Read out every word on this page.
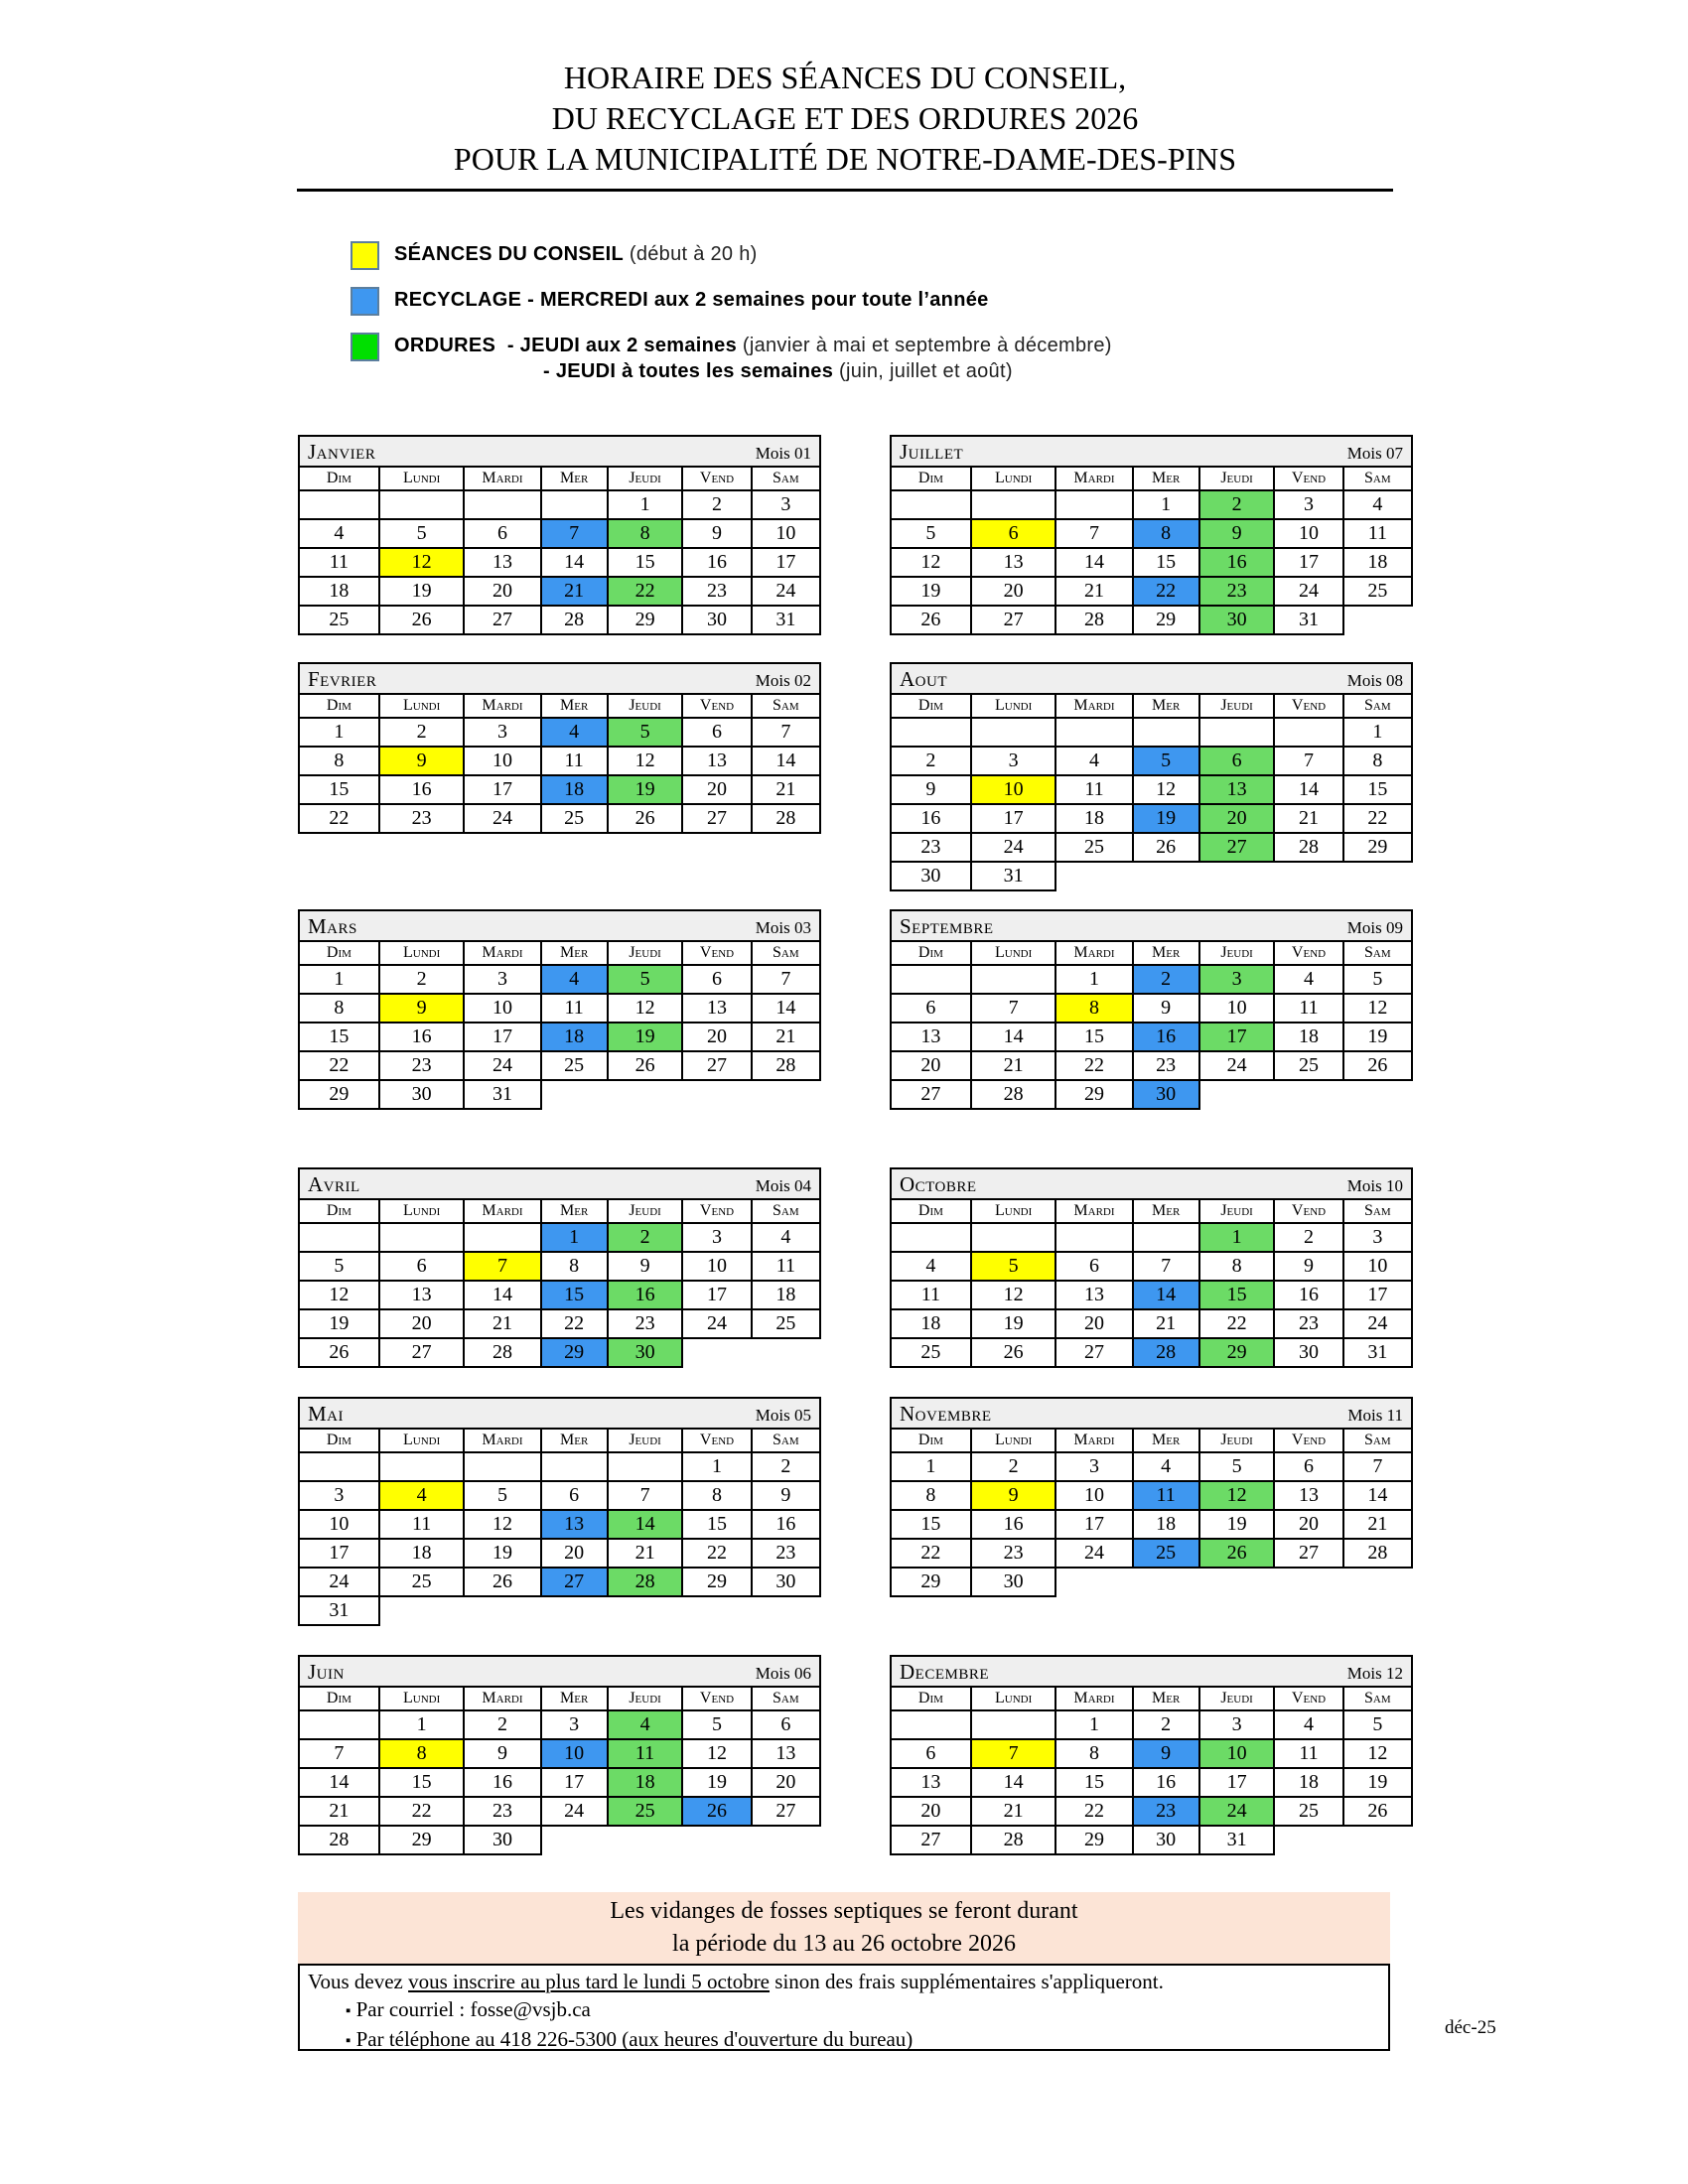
HORAIRE DES SÉANCES DU CONSEIL,
DU RECYCLAGE ET DES ORDURES 2026
POUR LA MUNICIPALITÉ DE NOTRE-DAME-DES-PINS
SÉANCES DU CONSEIL (début à 20 h)
RECYCLAGE - MERCREDI aux 2 semaines pour toute l’année
ORDURES - JEUDI aux 2 semaines (janvier à mai et septembre à décembre)
- JEUDI à toutes les semaines (juin, juillet et août)
Janvier	Mois 01
Dim	Lundi	Mardi	Mer	Jeudi	Vend	Sam
				1	2	3
4	5	6	7	8	9	10
11	12	13	14	15	16	17
18	19	20	21	22	23	24
25	26	27	28	29	30	31
Fevrier	Mois 02
Dim	Lundi	Mardi	Mer	Jeudi	Vend	Sam
1	2	3	4	5	6	7
8	9	10	11	12	13	14
15	16	17	18	19	20	21
22	23	24	25	26	27	28
Mars	Mois 03
Dim	Lundi	Mardi	Mer	Jeudi	Vend	Sam
1	2	3	4	5	6	7
8	9	10	11	12	13	14
15	16	17	18	19	20	21
22	23	24	25	26	27	28
29	30	31				
Avril	Mois 04
Dim	Lundi	Mardi	Mer	Jeudi	Vend	Sam
			1	2	3	4
5	6	7	8	9	10	11
12	13	14	15	16	17	18
19	20	21	22	23	24	25
26	27	28	29	30		
Mai	Mois 05
Dim	Lundi	Mardi	Mer	Jeudi	Vend	Sam
					1	2
3	4	5	6	7	8	9
10	11	12	13	14	15	16
17	18	19	20	21	22	23
24	25	26	27	28	29	30
31						
Juin	Mois 06
Dim	Lundi	Mardi	Mer	Jeudi	Vend	Sam
	1	2	3	4	5	6
7	8	9	10	11	12	13
14	15	16	17	18	19	20
21	22	23	24	25	26	27
28	29	30				
Juillet	Mois 07
Dim	Lundi	Mardi	Mer	Jeudi	Vend	Sam
			1	2	3	4
5	6	7	8	9	10	11
12	13	14	15	16	17	18
19	20	21	22	23	24	25
26	27	28	29	30	31	
Aout	Mois 08
Dim	Lundi	Mardi	Mer	Jeudi	Vend	Sam
						1
2	3	4	5	6	7	8
9	10	11	12	13	14	15
16	17	18	19	20	21	22
23	24	25	26	27	28	29
30	31					
Septembre	Mois 09
Dim	Lundi	Mardi	Mer	Jeudi	Vend	Sam
		1	2	3	4	5
6	7	8	9	10	11	12
13	14	15	16	17	18	19
20	21	22	23	24	25	26
27	28	29	30			
Octobre	Mois 10
Dim	Lundi	Mardi	Mer	Jeudi	Vend	Sam
				1	2	3
4	5	6	7	8	9	10
11	12	13	14	15	16	17
18	19	20	21	22	23	24
25	26	27	28	29	30	31
Novembre	Mois 11
Dim	Lundi	Mardi	Mer	Jeudi	Vend	Sam
1	2	3	4	5	6	7
8	9	10	11	12	13	14
15	16	17	18	19	20	21
22	23	24	25	26	27	28
29	30					
Decembre	Mois 12
Dim	Lundi	Mardi	Mer	Jeudi	Vend	Sam
		1	2	3	4	5
6	7	8	9	10	11	12
13	14	15	16	17	18	19
20	21	22	23	24	25	26
27	28	29	30	31		
Les vidanges de fosses septiques se feront durant
la période du 13 au 26 octobre 2026
Vous devez vous inscrire au plus tard le lundi 5 octobre sinon des frais supplémentaires s'appliqueront.
▪ Par courriel : fosse@vsjb.ca
▪ Par téléphone au 418 226-5300 (aux heures d'ouverture du bureau)	déc-25
